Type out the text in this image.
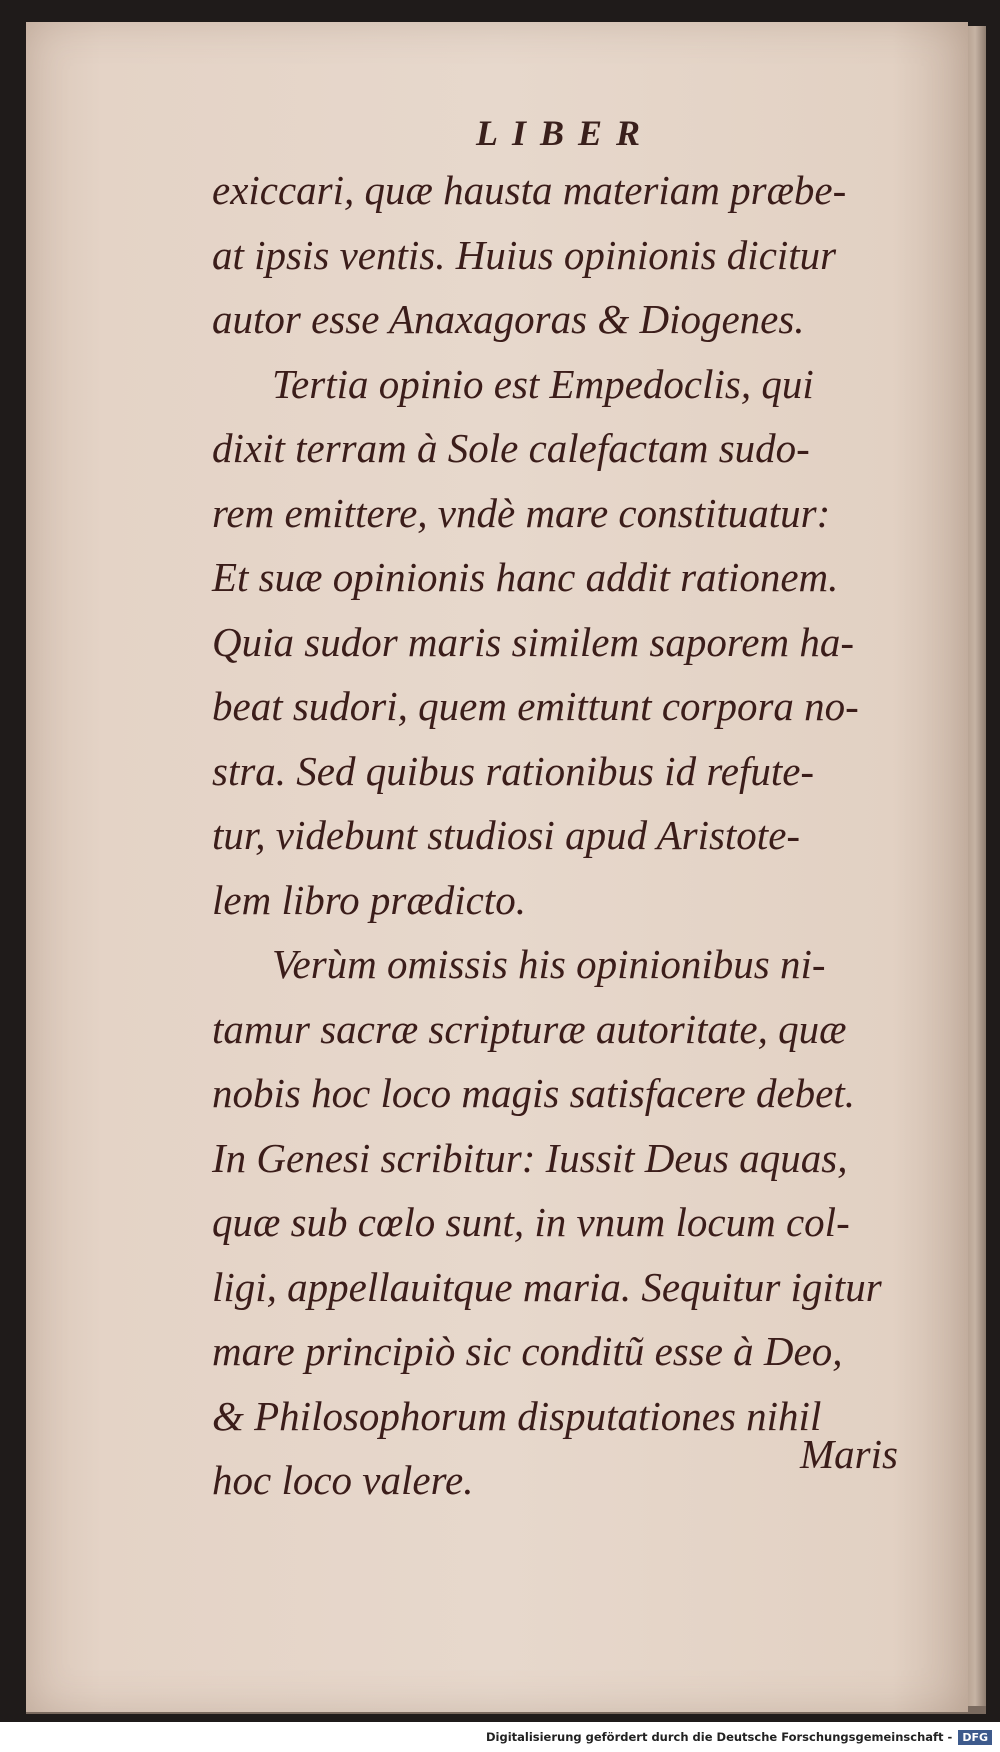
LIBER
exiccari, quæ hausta materiam præbe-
at ipsis ventis. Huius opinionis dicitur
autor esse Anaxagoras & Diogenes.
Tertia opinio est Empedoclis, qui
dixit terram à Sole calefactam sudo-
rem emittere, vndè mare constituatur:
Et suæ opinionis hanc addit rationem.
Quia sudor maris similem saporem ha-
beat sudori, quem emittunt corpora no-
stra. Sed quibus rationibus id refute-
tur, videbunt studiosi apud Aristote-
lem libro prædicto.
Verùm omissis his opinionibus ni-
tamur sacræ scripturæ autoritate, quæ
nobis hoc loco magis satisfacere debet.
In Genesi scribitur: Iussit Deus aquas,
quæ sub cœlo sunt, in vnum locum col-
ligi, appellauitque maria. Sequitur igitur
mare principiò sic conditũ esse à Deo,
& Philosophorum disputationes nihil
hoc loco valere.
Maris
Digitalisierung gefördert durch die Deutsche Forschungsgemeinschaft - DFG
